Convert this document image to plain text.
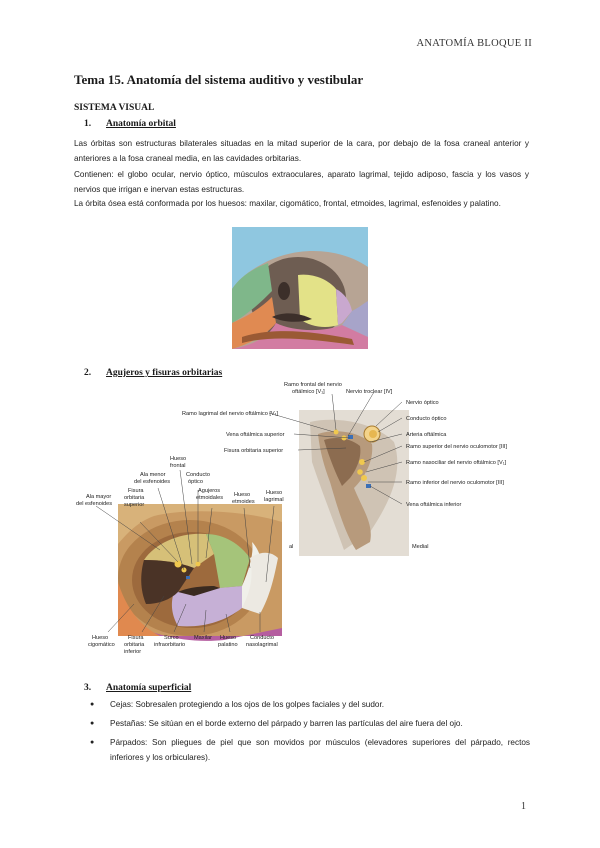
ANATOMÍA BLOQUE II
Tema 15. Anatomía del sistema auditivo y vestibular
SISTEMA VISUAL
1. Anatomía orbital
Las órbitas son estructuras bilaterales situadas en la mitad superior de la cara, por debajo de la fosa craneal anterior y anteriores a la fosa craneal media, en las cavidades orbitarias.
Contienen: el globo ocular, nervio óptico, músculos extraoculares, aparato lagrimal, tejido adiposo, fascia y los vasos y nervios que irrigan e inervan estas estructuras.
La órbita ósea está conformada por los huesos: maxilar, cigomático, frontal, etmoides, lagrimal, esfenoides y palatino.
2. Agujeros y fisuras orbitarias
Ramo frontal del nervio
oftálmico [V₁]	Nervio troclear [IV]
Ramo lagrimal del nervio oftálmico [V₁]
Vena oftálmica superior
Fisura orbitaria superior
Nervio óptico
Conducto óptico
Arteria oftálmica
Ramo superior del nervio oculomotor [III]
Ramo nasociliar del nervio oftálmico [V₁]
Ramo inferior del nervio oculomotor [III]
Vena oftálmica inferior
al	Medial
Ala mayor
del esfenoides
Fisura
orbitaria
superior
Ala menor
del esfenoides
Hueso
frontal
Conducto
óptico
Agujeros
etmoidales Hueso
etmoides
Hueso
lagrimal
Hueso
cigomático
Fisura
orbitaria
inferior
Surco
infraorbitario
Maxilar Hueso
palatino
Conducto
nasolagrimal
3. Anatomía superficial
● Cejas: Sobresalen protegiendo a los ojos de los golpes faciales y del sudor.
● Pestañas: Se sitúan en el borde externo del párpado y barren las partículas del aire fuera del ojo.
● Párpados: Son pliegues de piel que son movidos por músculos (elevadores superiores del párpado, rectos inferiores y los orbiculares).
1
